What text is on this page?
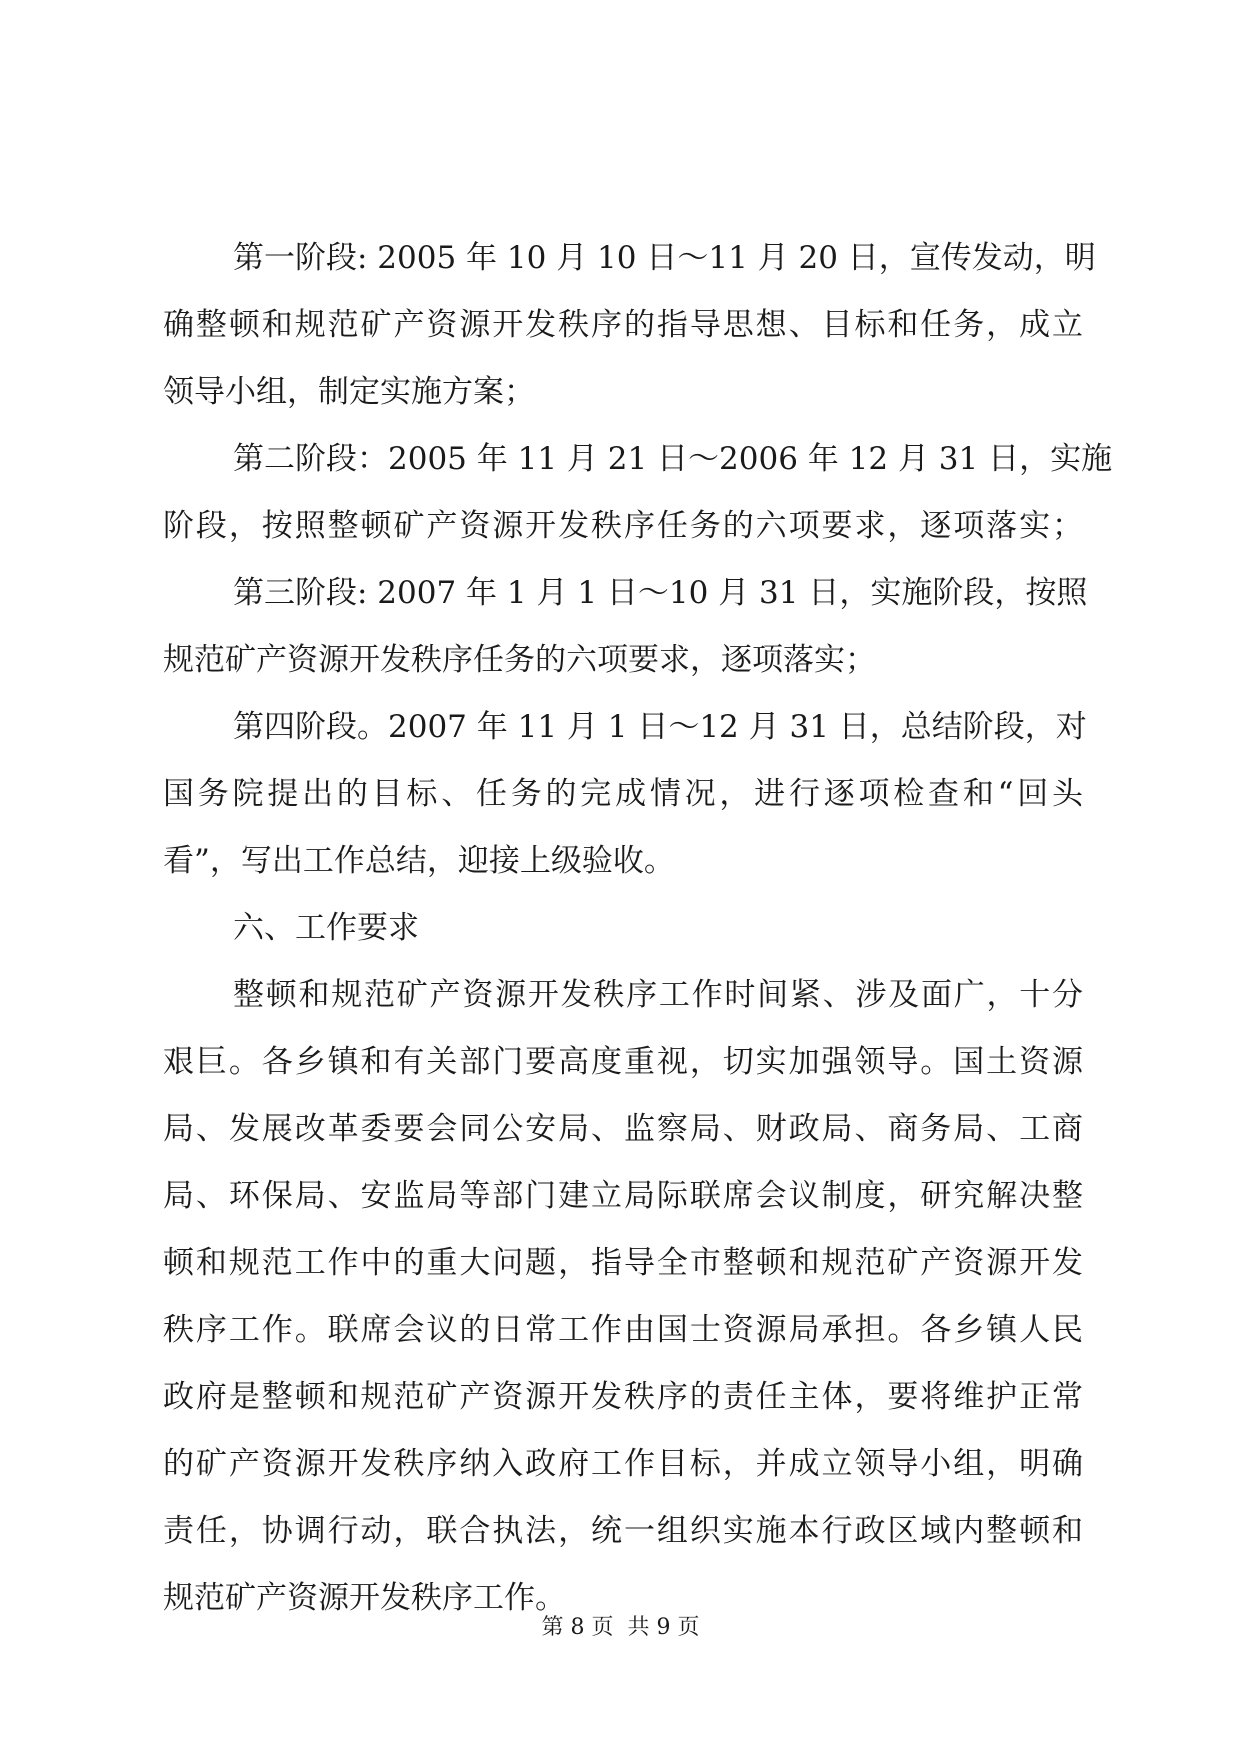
第一阶段: 2005 年 10 月 10 日～11 月 20 日，宣传发动，明
确整顿和规范矿产资源开发秩序的指导思想、目标和任务，成立
领导小组，制定实施方案；
第二阶段：2005 年 11 月 21 日～2006 年 12 月 31 日，实施
阶段，按照整顿矿产资源开发秩序任务的六项要求，逐项落实；
第三阶段: 2007 年 1 月 1 日～10 月 31 日，实施阶段，按照
规范矿产资源开发秩序任务的六项要求，逐项落实；
第四阶段。2007 年 11 月 1 日～12 月 31 日，总结阶段，对
国务院提出的目标、任务的完成情况，进行逐项检查和“回头
看”，写出工作总结，迎接上级验收。
六、工作要求
整顿和规范矿产资源开发秩序工作时间紧、涉及面广，十分
艰巨。各乡镇和有关部门要高度重视，切实加强领导。国土资源
局、发展改革委要会同公安局、监察局、财政局、商务局、工商
局、环保局、安监局等部门建立局际联席会议制度，研究解决整
顿和规范工作中的重大问题，指导全市整顿和规范矿产资源开发
秩序工作。联席会议的日常工作由国士资源局承担。各乡镇人民
政府是整顿和规范矿产资源开发秩序的责任主体，要将维护正常
的矿产资源开发秩序纳入政府工作目标，并成立领导小组，明确
责任，协调行动，联合执法，统一组织实施本行政区域内整顿和
规范矿产资源开发秩序工作。
第 8 页  共 9 页
